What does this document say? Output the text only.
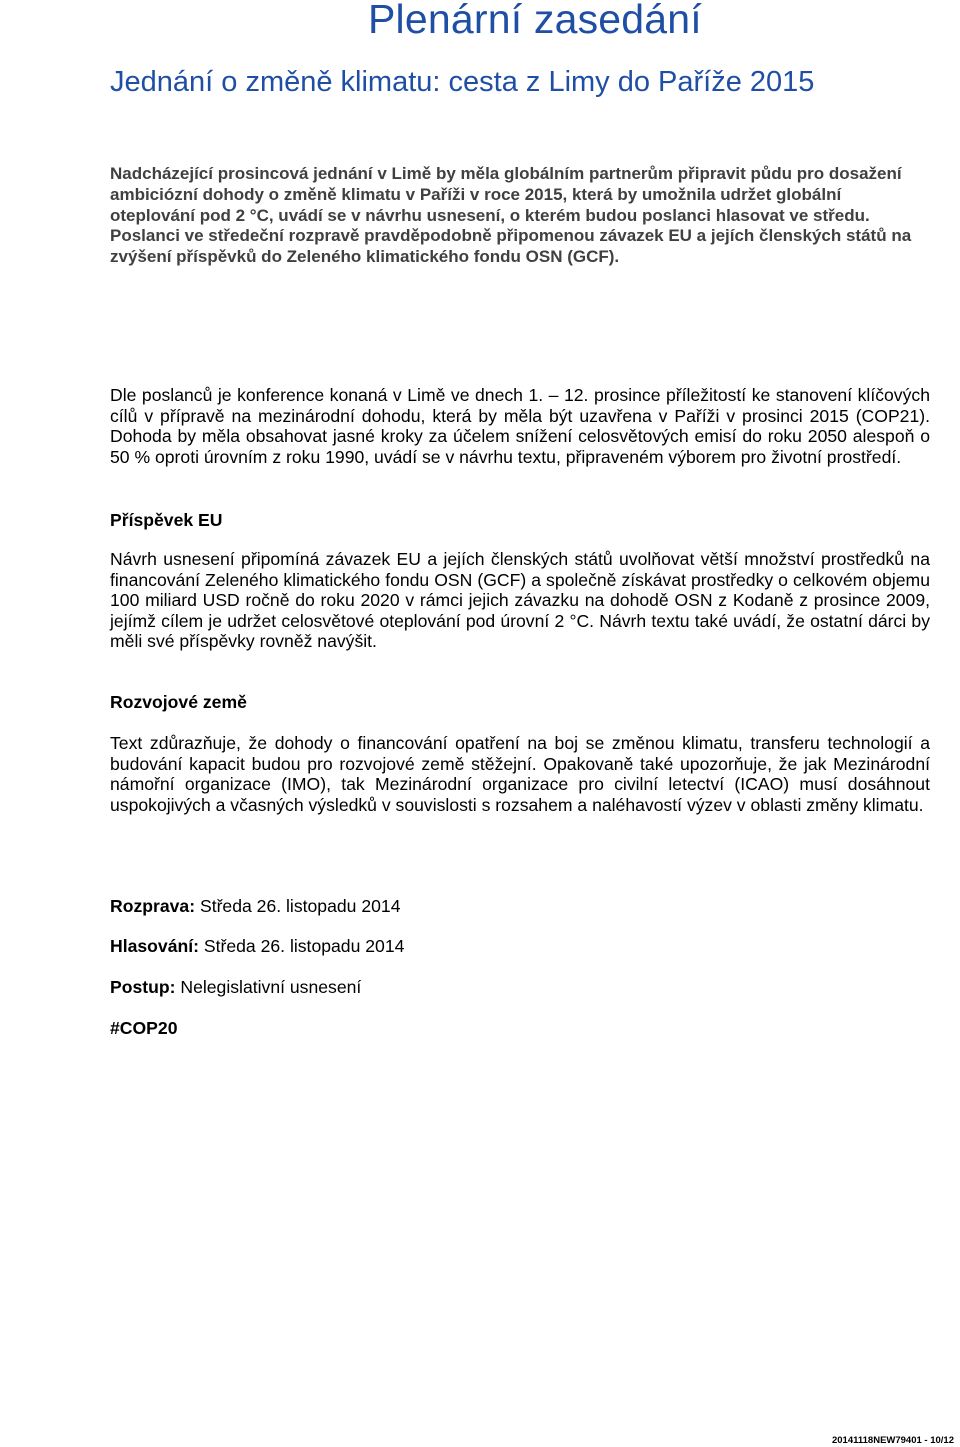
Plenární zasedání
Jednání o změně klimatu: cesta z Limy do Paříže 2015

Nadcházející prosincová jednání v Limě by měla globálním partnerům připravit půdu pro dosažení ambiciózní dohody o změně klimatu v Paříži v roce 2015, která by umožnila udržet globální oteplování pod 2 °C, uvádí se v návrhu usnesení, o kterém budou poslanci hlasovat ve středu. Poslanci ve středeční rozpravě pravděpodobně připomenou závazek EU a jejích členských států na zvýšení příspěvků do Zeleného klimatického fondu OSN (GCF).

Dle poslanců je konference konaná v Limě ve dnech 1. – 12. prosince příležitostí ke stanovení klíčových cílů v přípravě na mezinárodní dohodu, která by měla být uzavřena v Paříži v prosinci 2015 (COP21). Dohoda by měla obsahovat jasné kroky za účelem snížení celosvětových emisí do roku 2050 alespoň o 50 % oproti úrovním z roku 1990, uvádí se v návrhu textu, připraveném výborem pro životní prostředí.

Příspěvek EU

Návrh usnesení připomíná závazek EU a jejích členských států uvolňovat větší množství prostředků na financování Zeleného klimatického fondu OSN (GCF) a společně získávat prostředky o celkovém objemu 100 miliard USD ročně do roku 2020 v rámci jejich závazku na dohodě OSN z Kodaně z prosince 2009, jejímž cílem je udržet celosvětové oteplování pod úrovní 2 °C. Návrh textu také uvádí, že ostatní dárci by měli své příspěvky rovněž navýšit.

Rozvojové země

Text zdůrazňuje, že dohody o financování opatření na boj se změnou klimatu, transferu technologií a budování kapacit budou pro rozvojové země stěžejní. Opakovaně také upozorňuje, že jak Mezinárodní námořní organizace (IMO), tak Mezinárodní organizace pro civilní letectví (ICAO) musí dosáhnout uspokojivých a včasných výsledků v souvislosti s rozsahem a naléhavostí výzev v oblasti změny klimatu.

Rozprava: Středa 26. listopadu 2014
Hlasování: Středa 26. listopadu 2014
Postup: Nelegislativní usnesení
#COP20
20141118NEW79401 - 10/12
